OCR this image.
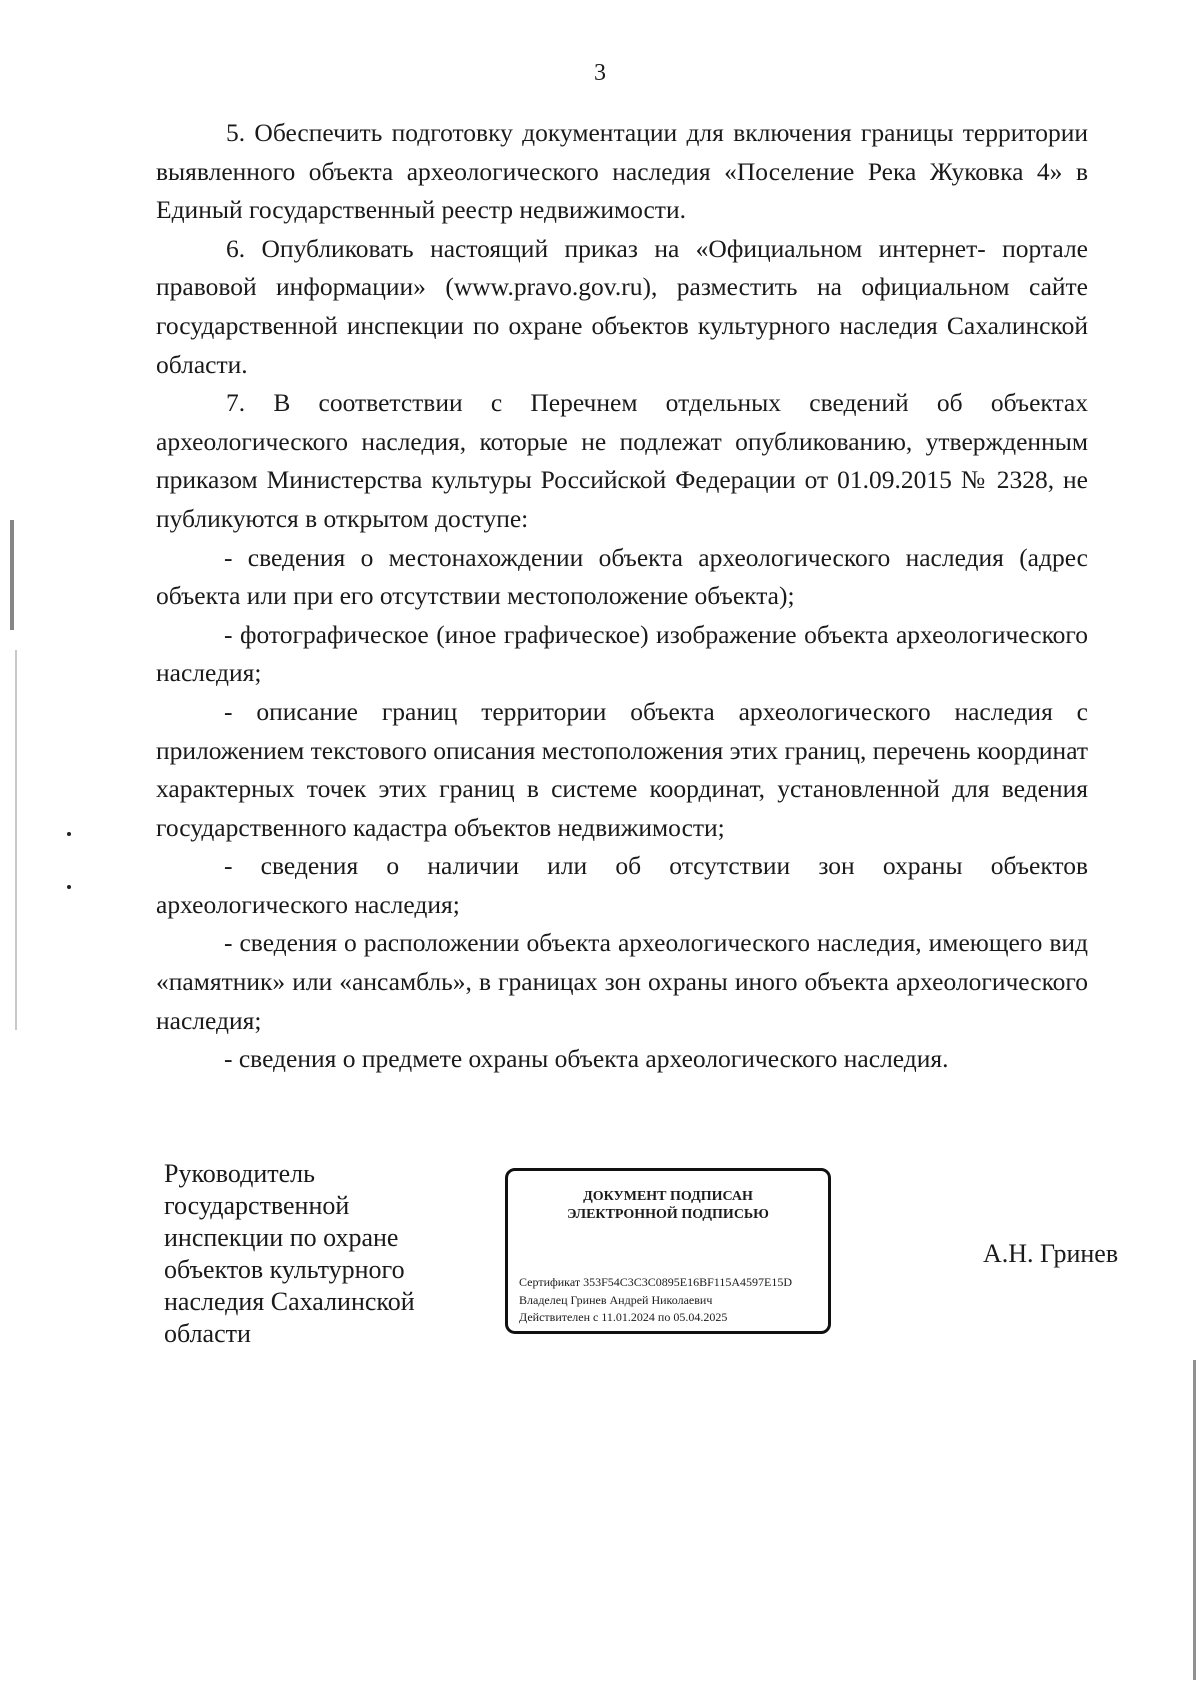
3

5. Обеспечить подготовку документации для включения границы территории выявленного объекта археологического наследия «Поселение Река Жуковка 4» в Единый государственный реестр недвижимости.

6. Опубликовать настоящий приказ на «Официальном интернет- портале правовой информации» (www.pravo.gov.ru), разместить на официальном сайте государственной инспекции по охране объектов культурного наследия Сахалинской области.

7. В соответствии с Перечнем отдельных сведений об объектах археологического наследия, которые не подлежат опубликованию, утвержденным приказом Министерства культуры Российской Федерации от 01.09.2015 № 2328, не публикуются в открытом доступе:

- сведения о местонахождении объекта археологического наследия (адрес объекта или при его отсутствии местоположение объекта);

- фотографическое (иное графическое) изображение объекта археологического наследия;

- описание границ территории объекта археологического наследия с приложением текстового описания местоположения этих границ, перечень координат характерных точек этих границ в системе координат, установленной для ведения государственного кадастра объектов недвижимости;

- сведения о наличии или об отсутствии зон охраны объектов археологического наследия;

- сведения о расположении объекта археологического наследия, имеющего вид «памятник» или «ансамбль», в границах зон охраны иного объекта археологического наследия;

- сведения о предмете охраны объекта археологического наследия.

Руководитель
государственной
инспекции по охране
объектов культурного
наследия Сахалинской
области
ДОКУМЕНТ ПОДПИСАН
ЭЛЕКТРОННОЙ ПОДПИСЬЮ
Сертификат 353F54C3C3C0895E16BF115A4597E15D
Владелец Гринев Андрей Николаевич
Действителен с 11.01.2024 по 05.04.2025
А.Н. Гринев
